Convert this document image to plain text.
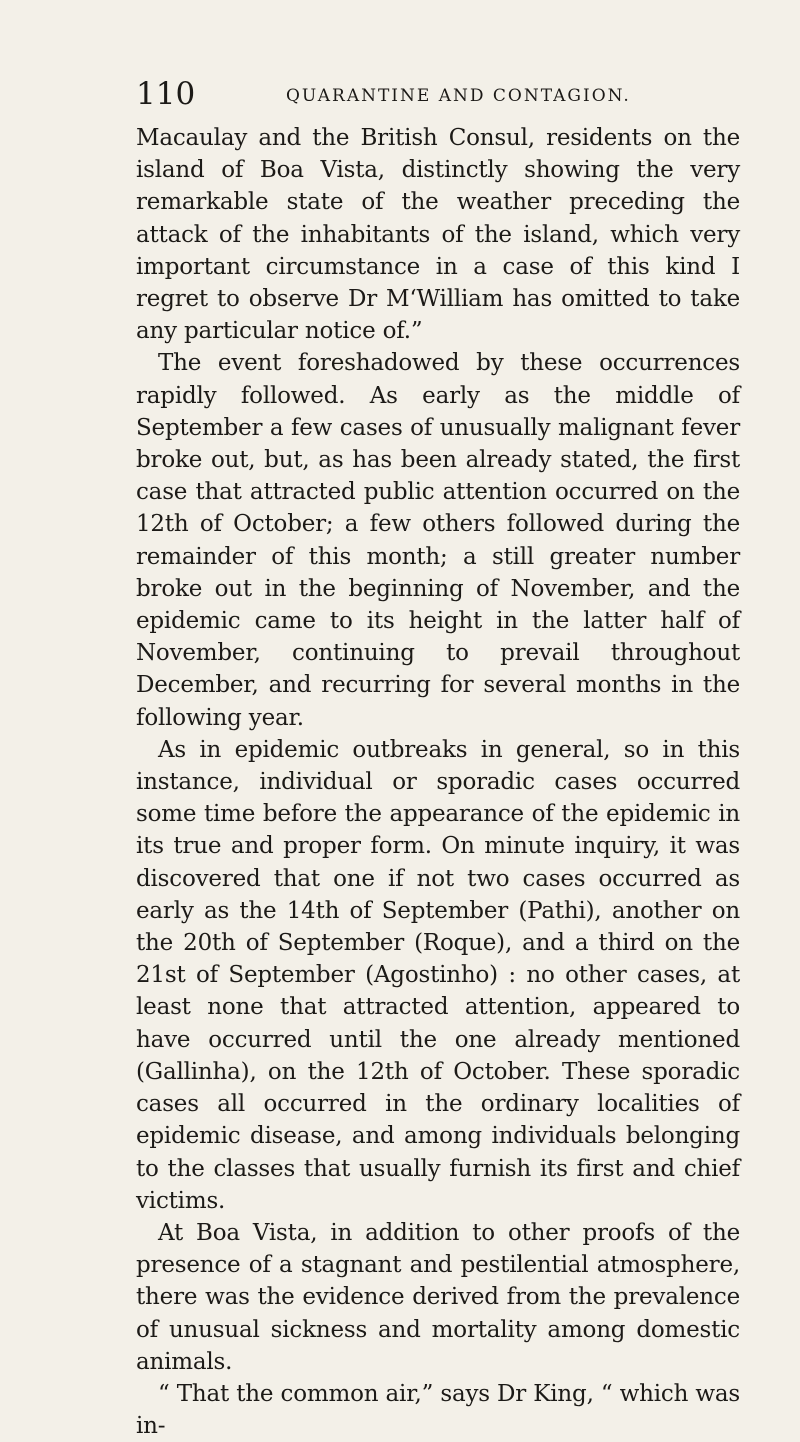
110	QUARANTINE AND CONTAGION.

Macaulay and the British Consul, residents on the island of Boa Vista, distinctly showing the very remarkable state of the weather preceding the attack of the inhabitants of the island, which very important circumstance in a case of this kind I regret to observe Dr M‘William has omitted to take any particular notice of.”

The event foreshadowed by these occurrences rapidly followed. As early as the middle of September a few cases of unusually malignant fever broke out, but, as has been already stated, the first case that attracted public attention occurred on the 12th of October; a few others followed during the remainder of this month; a still greater number broke out in the beginning of November, and the epidemic came to its height in the latter half of November, continuing to prevail throughout December, and recurring for several months in the following year.

As in epidemic outbreaks in general, so in this instance, individual or sporadic cases occurred some time before the appearance of the epidemic in its true and proper form. On minute inquiry, it was discovered that one if not two cases occurred as early as the 14th of September (Pathi), another on the 20th of September (Roque), and a third on the 21st of September (Agostinho) : no other cases, at least none that attracted attention, appeared to have occurred until the one already mentioned (Gallinha), on the 12th of October. These sporadic cases all occurred in the ordinary localities of epidemic disease, and among individuals belonging to the classes that usually furnish its first and chief victims.

At Boa Vista, in addition to other proofs of the presence of a stagnant and pestilential atmosphere, there was the evidence derived from the prevalence of unusual sickness and mortality among domestic animals.

“ That the common air,” says Dr King, “ which was in-
